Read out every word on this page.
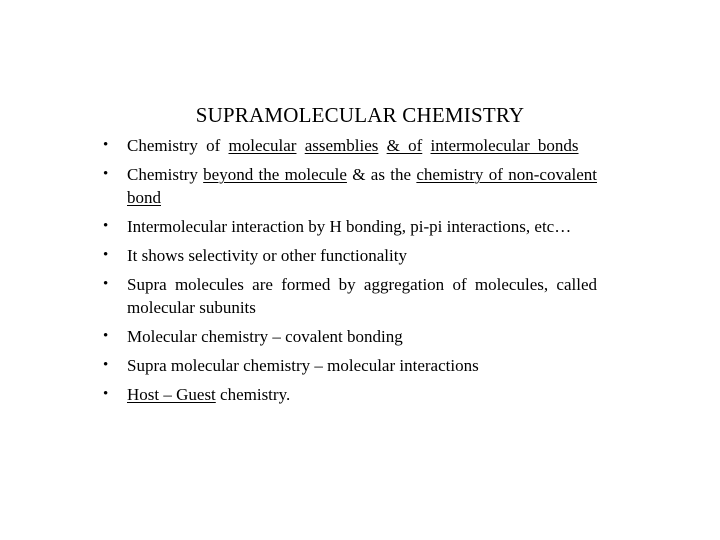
SUPRAMOLECULAR CHEMISTRY
• Chemistry of molecular assemblies & of intermolecular bonds
• Chemistry beyond the molecule & as the chemistry of non-covalent bond
• Intermolecular interaction by H bonding, pi-pi interactions, etc…
• It shows selectivity or other functionality
• Supra molecules are formed by aggregation of molecules, called molecular subunits
• Molecular chemistry – covalent bonding
• Supra molecular chemistry – molecular interactions
• Host – Guest chemistry.
